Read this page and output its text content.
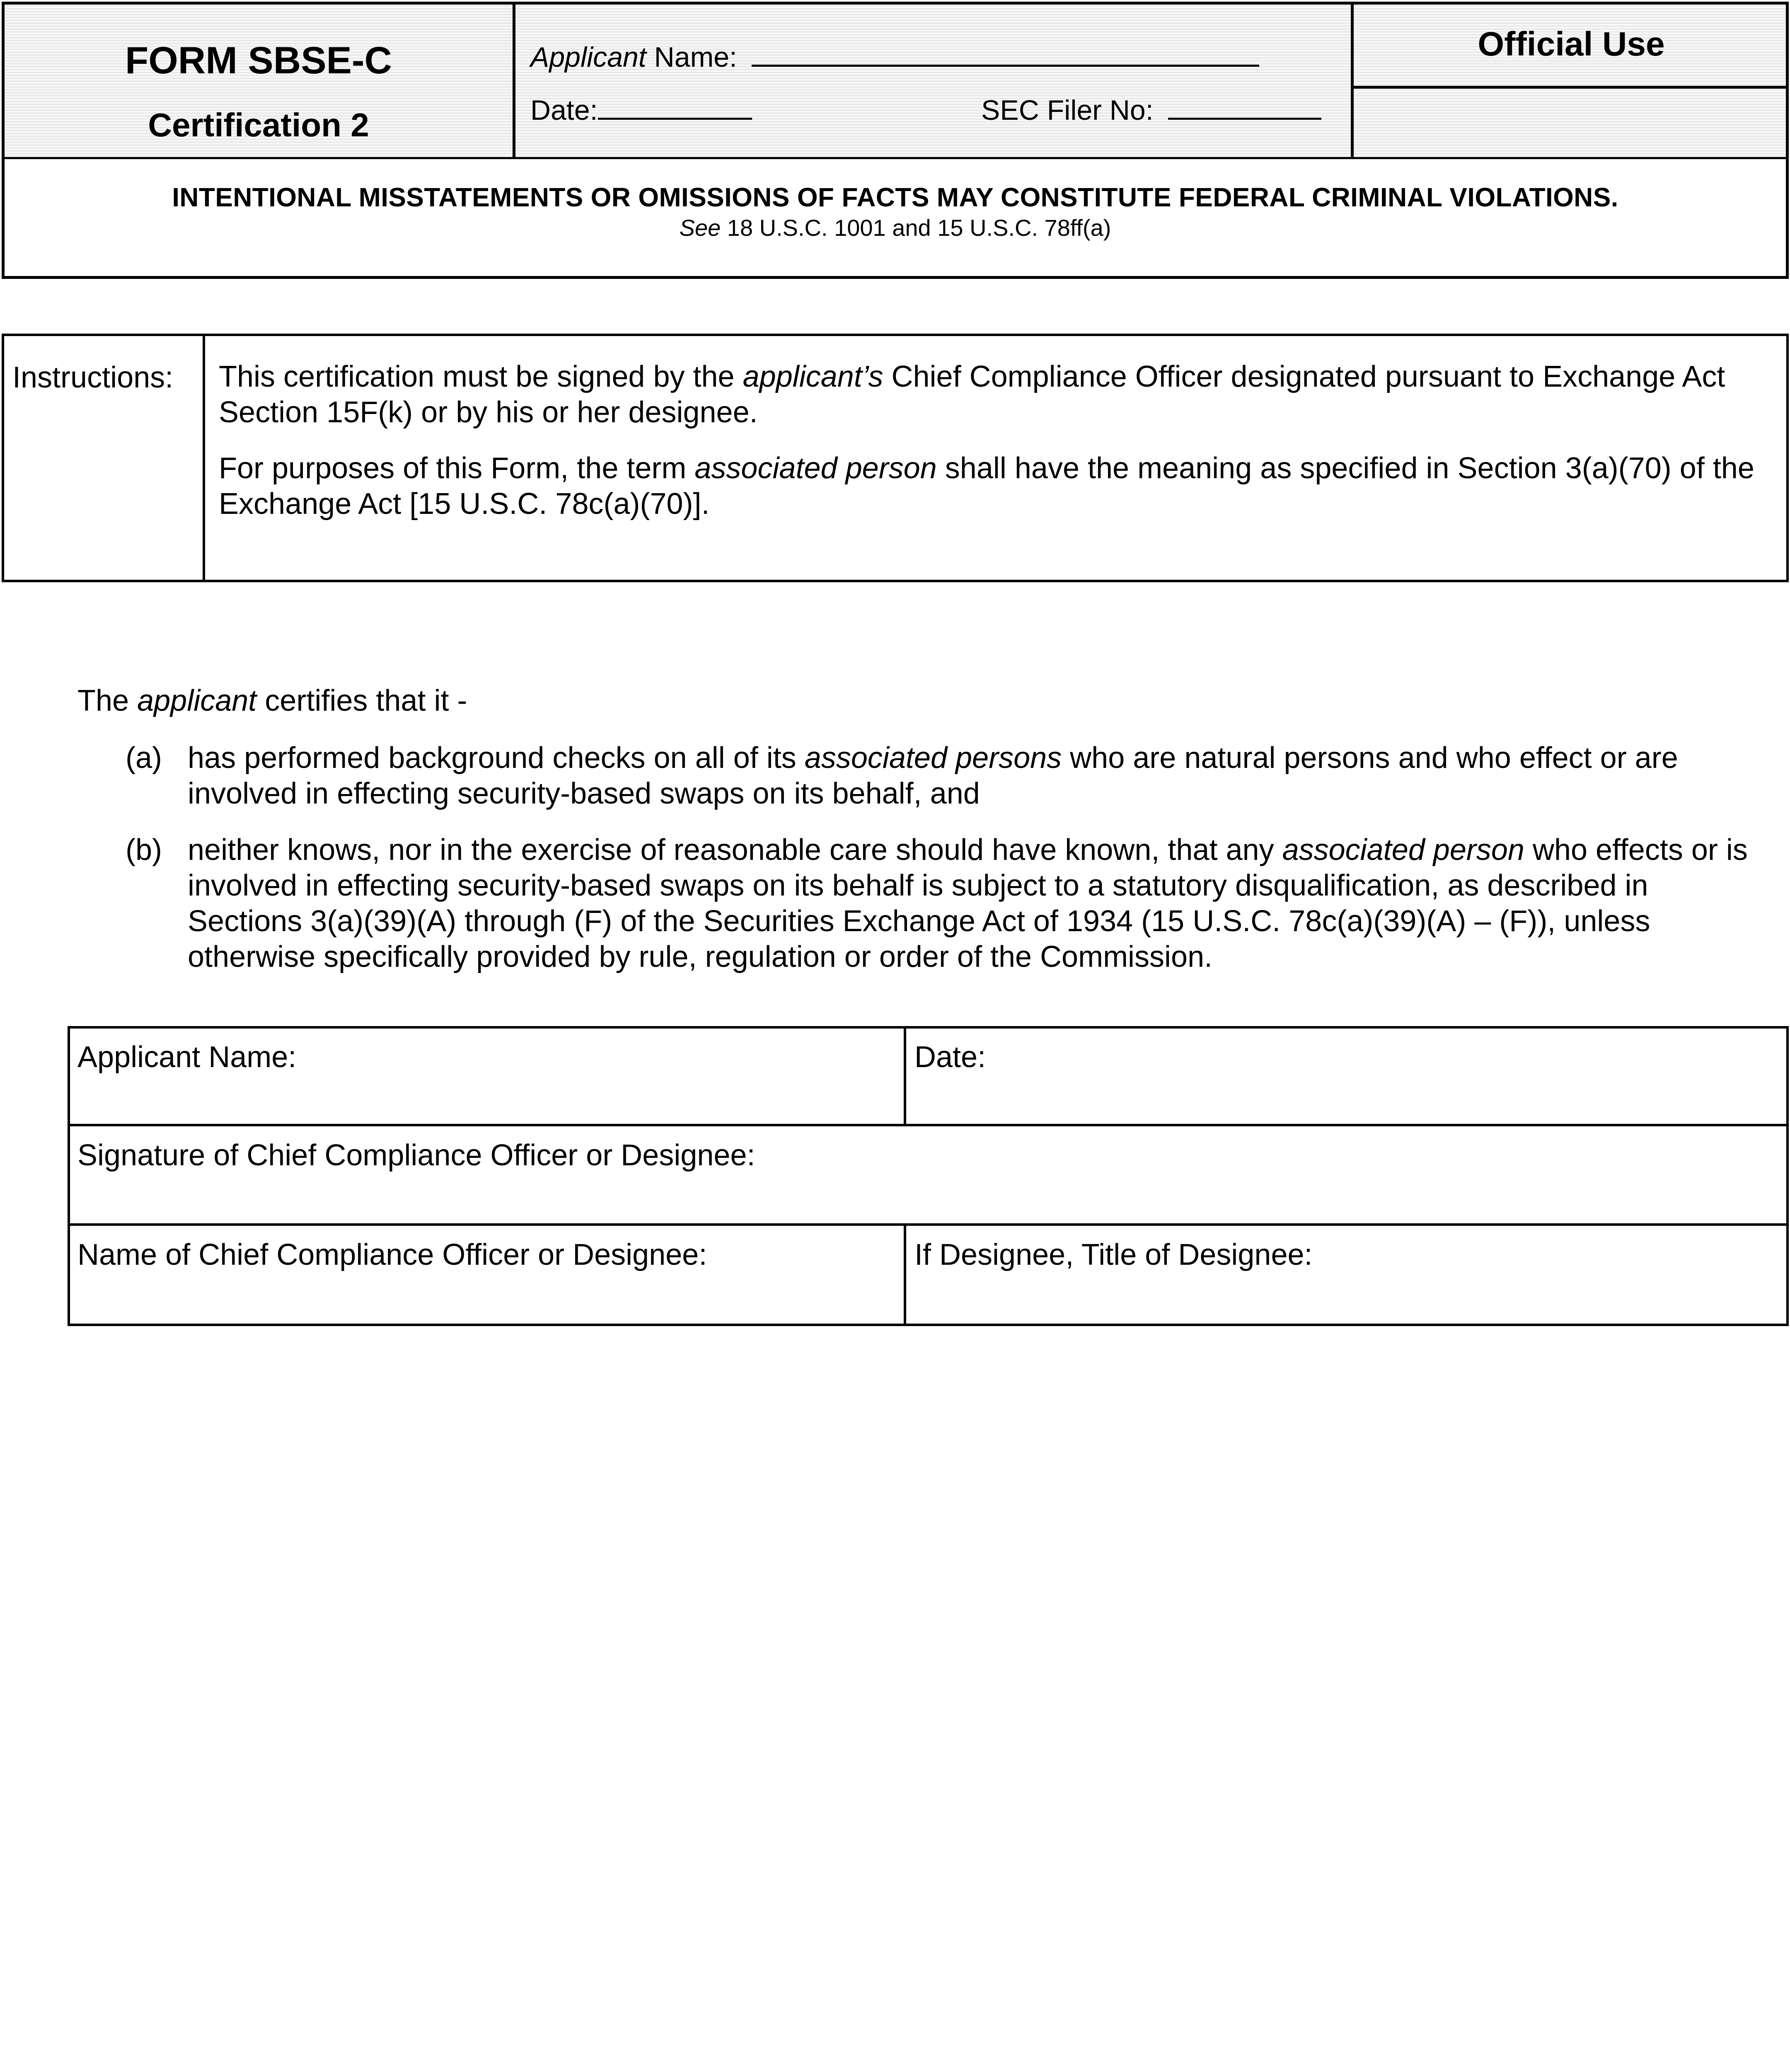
FORM SBSE-C
Certification 2
Applicant Name:
Date:	SEC Filer No:
Official Use
INTENTIONAL MISSTATEMENTS OR OMISSIONS OF FACTS MAY CONSTITUTE FEDERAL CRIMINAL VIOLATIONS.
See 18 U.S.C. 1001 and 15 U.S.C. 78ff(a)
Instructions: This certification must be signed by the applicant’s Chief Compliance Officer designated pursuant to Exchange Act Section 15F(k) or by his or her designee.
For purposes of this Form, the term associated person shall have the meaning as specified in Section 3(a)(70) of the Exchange Act [15 U.S.C. 78c(a)(70)].
The applicant certifies that it -
(a) has performed background checks on all of its associated persons who are natural persons and who effect or are involved in effecting security-based swaps on its behalf, and
(b) neither knows, nor in the exercise of reasonable care should have known, that any associated person who effects or is involved in effecting security-based swaps on its behalf is subject to a statutory disqualification, as described in Sections 3(a)(39)(A) through (F) of the Securities Exchange Act of 1934 (15 U.S.C. 78c(a)(39)(A) – (F)), unless otherwise specifically provided by rule, regulation or order of the Commission.
Applicant Name:	Date:
Signature of Chief Compliance Officer or Designee:
Name of Chief Compliance Officer or Designee:	If Designee, Title of Designee:
